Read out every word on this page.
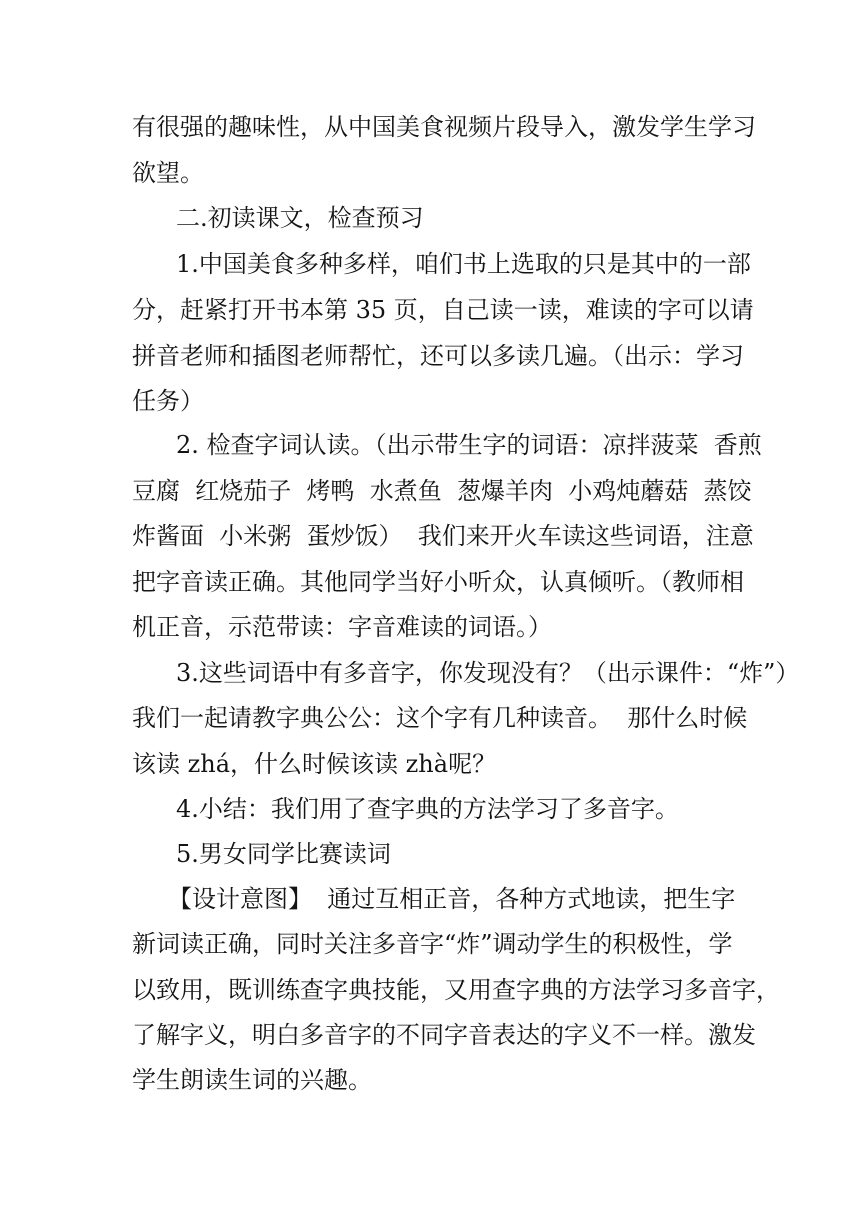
有很强的趣味性，从中国美食视频片段导入，激发学生学习
欲望。
二.初读课文，检查预习
1.中国美食多种多样，咱们书上选取的只是其中的一部
分，赶紧打开书本第 35 页，自己读一读，难读的字可以请
拼音老师和插图老师帮忙，还可以多读几遍。（出示：学习
任务）
2. 检查字词认读。（出示带生字的词语：凉拌菠菜  香煎
豆腐  红烧茄子  烤鸭  水煮鱼  葱爆羊肉  小鸡炖蘑菇  蒸饺
炸酱面  小米粥  蛋炒饭）  我们来开火车读这些词语，注意
把字音读正确。其他同学当好小听众，认真倾听。（教师相
机正音，示范带读：字音难读的词语。）
3.这些词语中有多音字，你发现没有？（出示课件：“炸”）
我们一起请教字典公公：这个字有几种读音。  那什么时候
该读 zhá，什么时候该读 zhà呢？
4.小结：我们用了查字典的方法学习了多音字。
5.男女同学比赛读词
【设计意图】  通过互相正音，各种方式地读，把生字
新词读正确，同时关注多音字“炸”调动学生的积极性，学
以致用，既训练查字典技能，又用查字典的方法学习多音字，
了解字义，明白多音字的不同字音表达的字义不一样。激发
学生朗读生词的兴趣。
